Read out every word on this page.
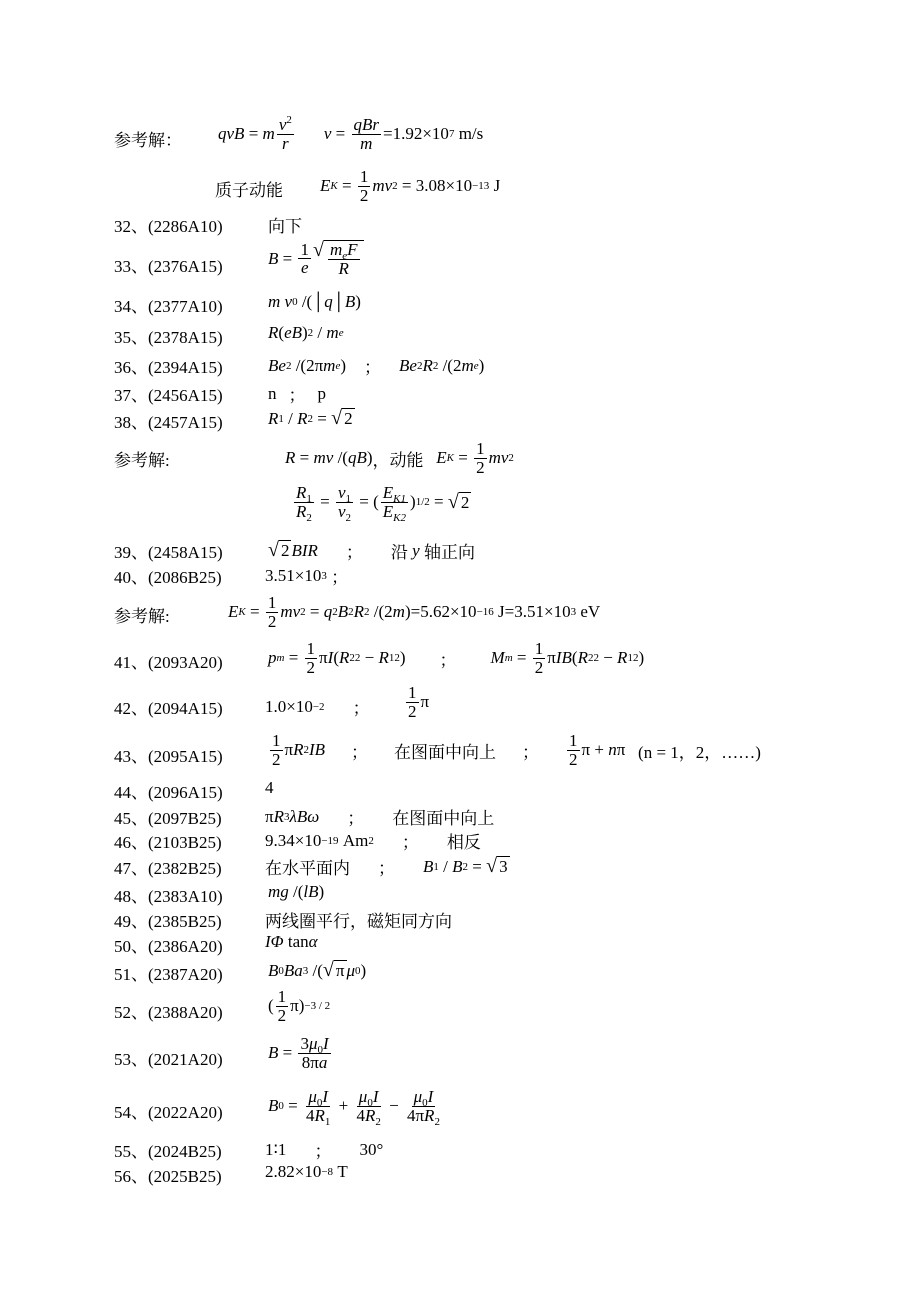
参考解： qvB = m $\frac{v^2}{r}$ $v = \frac{\text{qBr}}{m} =1.92\times 10$ 7
m/s
质子动能 E $K = \frac{1}{2}$ mv 2
= 3.08×10 −13
J
32、(2286A10)	向下
33、(2376A15)	$B = \frac{1}{e}$ √ $\frac{m_eF}{R}$
34、(2377A10)	m v 0 /(│ q │ B )
35、(2378A15)	R ( eB ) 2 / m e
36、(2394A15)	Be 2 /(2π m e ) ； Be 2 R 2 /(2 m e )
37、(2456A15)	n ； p
38、(2457A15)	R 1 / R 2 = √ 2
参考解:	R = mv /( qB ) ，动能
E $K = \frac{1}{2}$ mv 2
$\frac{R_1}{R_2} = \frac{v_1}{v_2}$ = ( $\frac{E_{K1}}{E_{K2}}$ ) 1/2 = √ 2
39、(2458A15) √ 2 BIR ； 沿
y
轴正向
40、(2086B25)	3.51×10 3
；
参考解:	E $K = \frac{1}{2}$ mv 2 = q 2 B 2 R 2 /(2 m ) =5.62×10 −16
J=3.51×10 3
eV
41、(2093A20)	p $m = \frac{1}{2}$ π I ( R 2 2 − R 1 2 ) ； M $m = \frac{1}{2}$ π IB ( R 2 2 − R 1 2 )
42、(2094A15) 1.0×10 −2 ； $\frac{1}{2}$ π
43、(2095A15)	$\frac{1}{2}$ π R 2 IB ； 在图面中向上 ； $\frac{1}{2}$ π + n π (n = 1，2，……)
44、(2096A15) 4
45、(2097B25)	π R 3 λBω ； 在图面中向上
46、(2103B25)	9.34×10 −19
Am 2 ； 相反
47、(2382B25)	在水平面内 ； B 1 / B 2 = √ 3
48、(2383A10)	mg /( lB )
49、(2385B25)	两线圈平行，磁矩同方向
50、(2386A20) IΦ tan α
51、(2387A20)	B 0 Ba 3 /( √ π μ 0 )
52、(2388A20)	( $\frac{1}{2} \pi) -3 / 2$
53、(2021A20)	$B = \frac{3\mu_0I}{8\pi a}$
54、(2022A20)	B $0 = \frac{\mu_0I}{4R_1} + \frac{\mu_0I}{4R_2} - \frac{\mu_0I}{4\pi R_2}$
55、(2024B25)	1∶1 ； 30°
56、(2025B25)	2.82×10 −8
T
